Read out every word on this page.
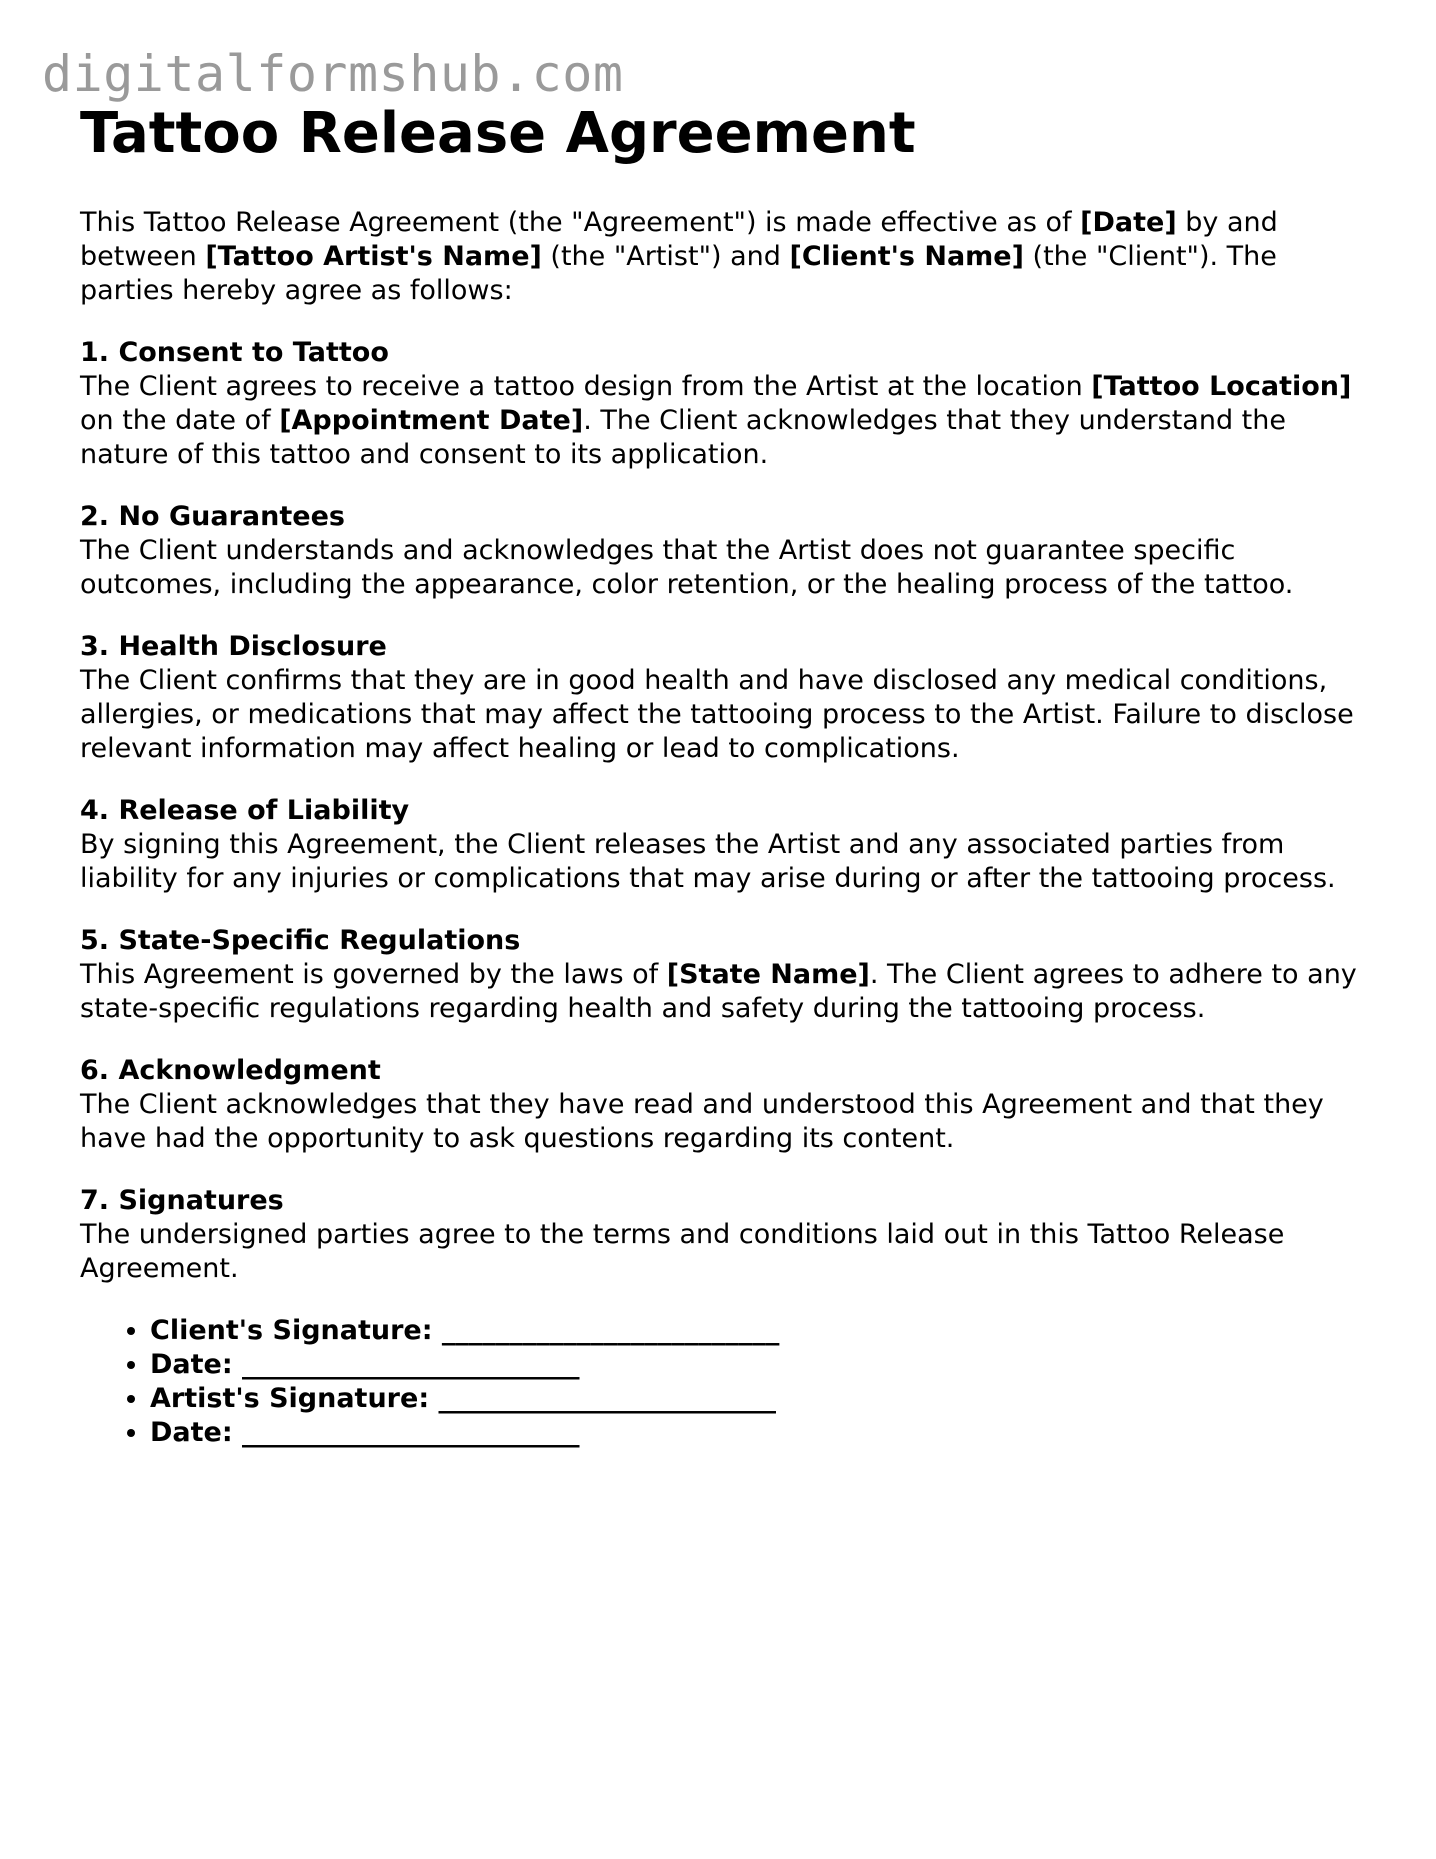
digitalformshub.com
Tattoo Release Agreement

This Tattoo Release Agreement (the "Agreement") is made effective as of [Date] by and between [Tattoo Artist's Name] (the "Artist") and [Client's Name] (the "Client"). The parties hereby agree as follows:

1. Consent to Tattoo

The Client agrees to receive a tattoo design from the Artist at the location [Tattoo Location] on the date of [Appointment Date]. The Client acknowledges that they understand the nature of this tattoo and consent to its application.

2. No Guarantees

The Client understands and acknowledges that the Artist does not guarantee specific outcomes, including the appearance, color retention, or the healing process of the tattoo.

3. Health Disclosure

The Client confirms that they are in good health and have disclosed any medical conditions, allergies, or medications that may affect the tattooing process to the Artist. Failure to disclose relevant information may affect healing or lead to complications.

4. Release of Liability

By signing this Agreement, the Client releases the Artist and any associated parties from liability for any injuries or complications that may arise during or after the tattooing process.

5. State-Specific Regulations

This Agreement is governed by the laws of [State Name]. The Client agrees to adhere to any state-specific regulations regarding health and safety during the tattooing process.

6. Acknowledgment

The Client acknowledges that they have read and understood this Agreement and that they have had the opportunity to ask questions regarding its content.

7. Signatures

The undersigned parties agree to the terms and conditions laid out in this Tattoo Release Agreement.

• Client's Signature: _________________________
• Date: _________________________
• Artist's Signature: _________________________
• Date: _________________________
